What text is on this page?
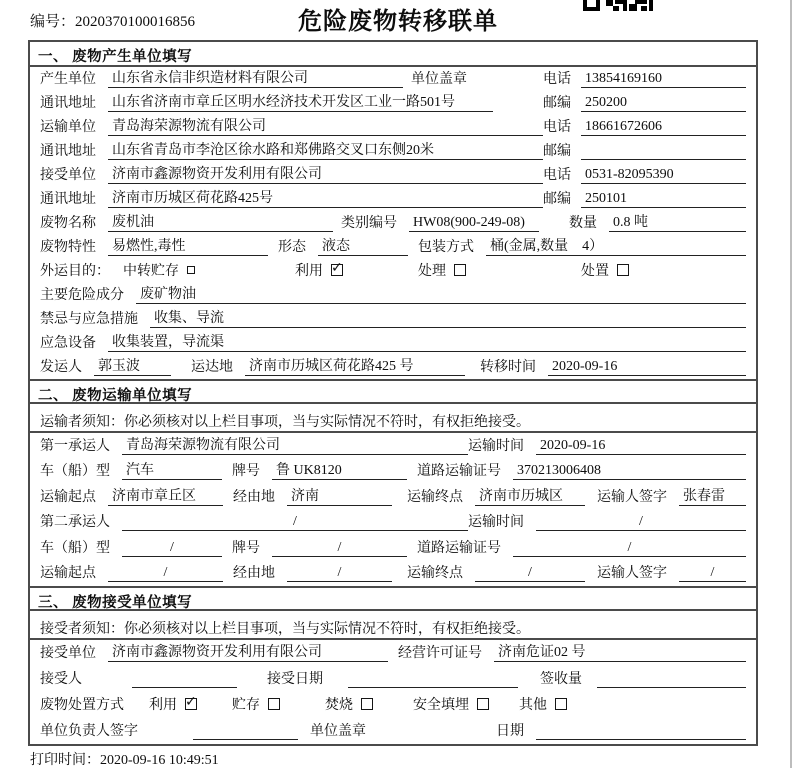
编号：2020370100016856	危险废物转移联单
一、 废物产生单位填写
产生单位 山东省永信非织造材料有限公司	单位盖章	电话 13854169160
通讯地址 山东省济南市章丘区明水经济技术开发区工业一路501号	邮编 250200
运输单位 青岛海荣源物流有限公司	电话 18661672606
通讯地址 山东省青岛市李沧区徐水路和郑佛路交叉口东侧20米	邮编
接受单位 济南市鑫源物资开发利用有限公司	电话 0531-82095390
通讯地址 济南市历城区荷花路425号	邮编 250101
废物名称 废机油	类别编号 HW08(900-249-08)	数量 0.8 吨
废物特性 易燃性,毒性	形态 液态	包装方式 桶(金属,数量　4）
外运目的： 中转贮存	利用 ✓	处理	处置
主要危险成分 废矿物油
禁忌与应急措施 收集、导流
应急设备 收集装置，导流渠
发运人 郭玉波	运达地 济南市历城区荷花路425 号	转移时间 2020-09-16
二、 废物运输单位填写
运输者须知：你必须核对以上栏目事项，当与实际情况不符时，有权拒绝接受。
第一承运人 青岛海荣源物流有限公司	运输时间 2020-09-16
车（船）型 汽车	牌号 鲁 UK8120	道路运输证号 370213006408
运输起点 济南市章丘区	经由地 济南	运输终点 济南市历城区	运输人签字 张春雷
第二承运人	/	运输时间	/
车（船）型	/	牌号	/	道路运输证号	/
运输起点	/	经由地	/	运输终点	/	运输人签字	/
三、 废物接受单位填写
接受者须知：你必须核对以上栏目事项，当与实际情况不符时，有权拒绝接受。
接受单位 济南市鑫源物资开发利用有限公司	经营许可证号 济南危证02 号
接受人	接受日期	签收量
废物处置方式 利用 ✓	贮存	焚烧	安全填埋	其他
单位负责人签字	单位盖章	日期
打印时间：2020-09-16 10:49:51
